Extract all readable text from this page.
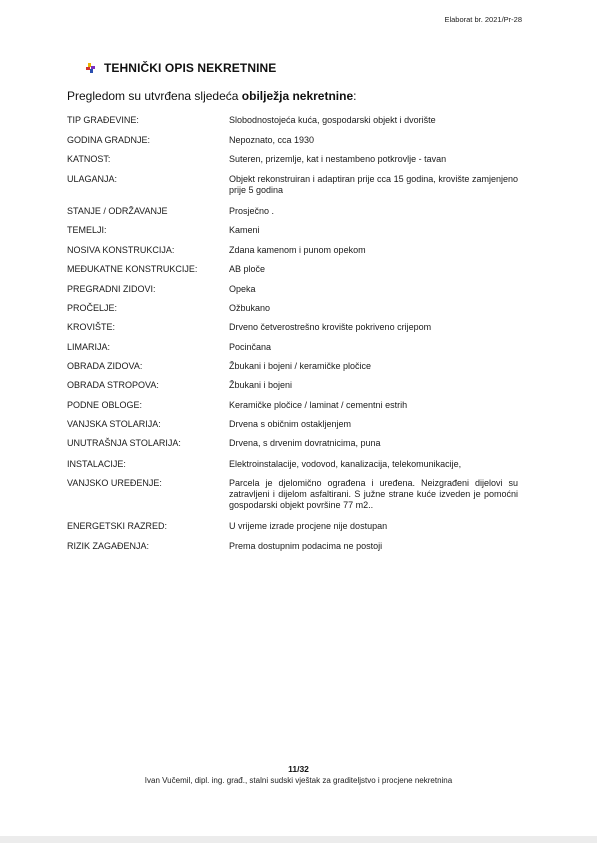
Elaborat br. 2021/Pr-28
TEHNIČKI OPIS NEKRETNINE
Pregledom su utvrđena sljedeća obilježja nekretnine:
TIP GRAĐEVINE:	Slobodnostojeća kuća, gospodarski objekt i dvorište
GODINA GRADNJE:	Nepoznato, cca 1930
KATNOST:	Suteren, prizemlje, kat i nestambeno potkrovlje - tavan
ULAGANJA:	Objekt rekonstruiran i adaptiran prije cca 15 godina, krovište zamjenjeno prije 5 godina
STANJE / ODRŽAVANJE	Prosječno .
TEMELJI:	Kameni
NOSIVA KONSTRUKCIJA:	Zdana kamenom i punom opekom
MEĐUKATNE KONSTRUKCIJE:	AB ploče
PREGRADNI ZIDOVI:	Opeka
PROČELJE:	Ožbukano
KROVIŠTE:	Drveno četverostrešno krovište pokriveno crijepom
LIMARIJA:	Pocinčana
OBRADA ZIDOVA:	Žbukani i bojeni / keramičke pločice
OBRADA STROPOVA:	Žbukani i bojeni
PODNE OBLOGE:	Keramičke pločice / laminat / cementni estrih
VANJSKA STOLARIJA:	Drvena s običnim ostakljenjem
UNUTRAŠNJA STOLARIJA:	Drvena, s drvenim dovratnicima, puna
INSTALACIJE:	Elektroinstalacije, vodovod, kanalizacija, telekomunikacije,
VANJSKO UREĐENJE:	Parcela je djelomično ograđena i uređena. Neizgrađeni dijelovi su zatravljeni i dijelom asfaltirani. S južne strane kuće izveden je pomoćni gospodarski objekt površine 77 m2..
ENERGETSKI RAZRED:	U vrijeme izrade procjene nije dostupan
RIZIK ZAGAĐENJA:	Prema dostupnim podacima ne postoji
11/32
Ivan Vučemil, dipl. ing. građ., stalni sudski vještak za graditeljstvo i procjene nekretnina
